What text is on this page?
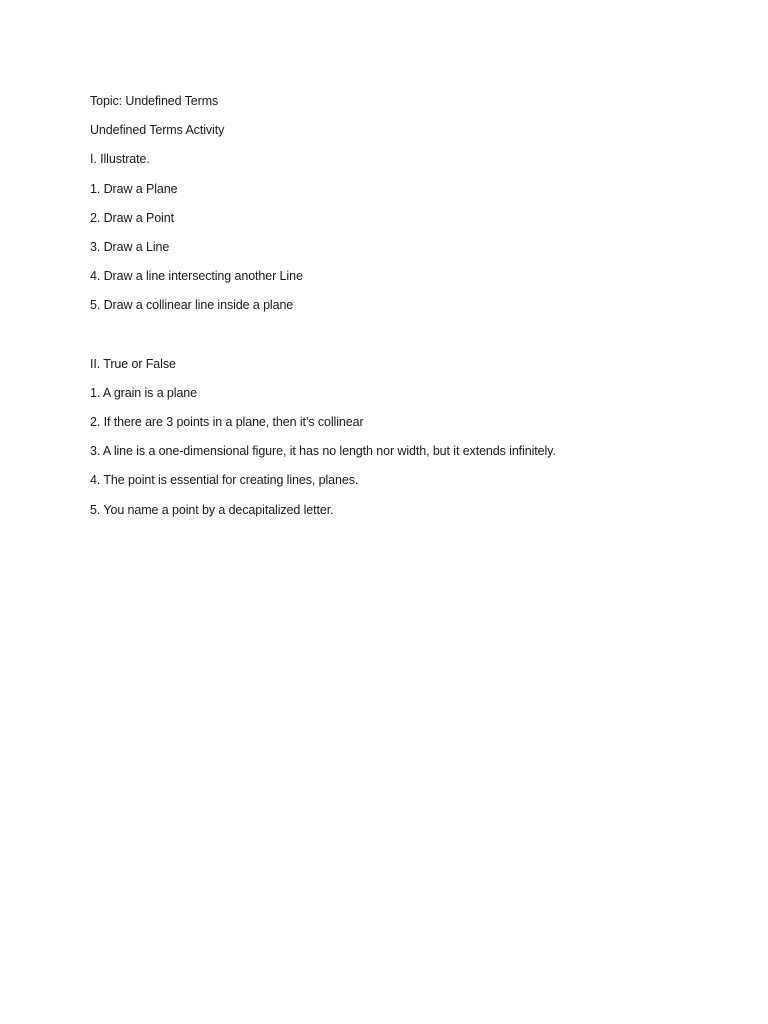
Topic: Undefined Terms
Undefined Terms Activity
I. Illustrate.
1. Draw a Plane
2. Draw a Point
3. Draw a Line
4. Draw a line intersecting another Line
5. Draw a collinear line inside a plane
II. True or False
1. A grain is a plane
2. If there are 3 points in a plane, then it’s collinear
3. A line is a one-dimensional figure, it has no length nor width, but it extends infinitely.
4. The point is essential for creating lines, planes.
5. You name a point by a decapitalized letter.
